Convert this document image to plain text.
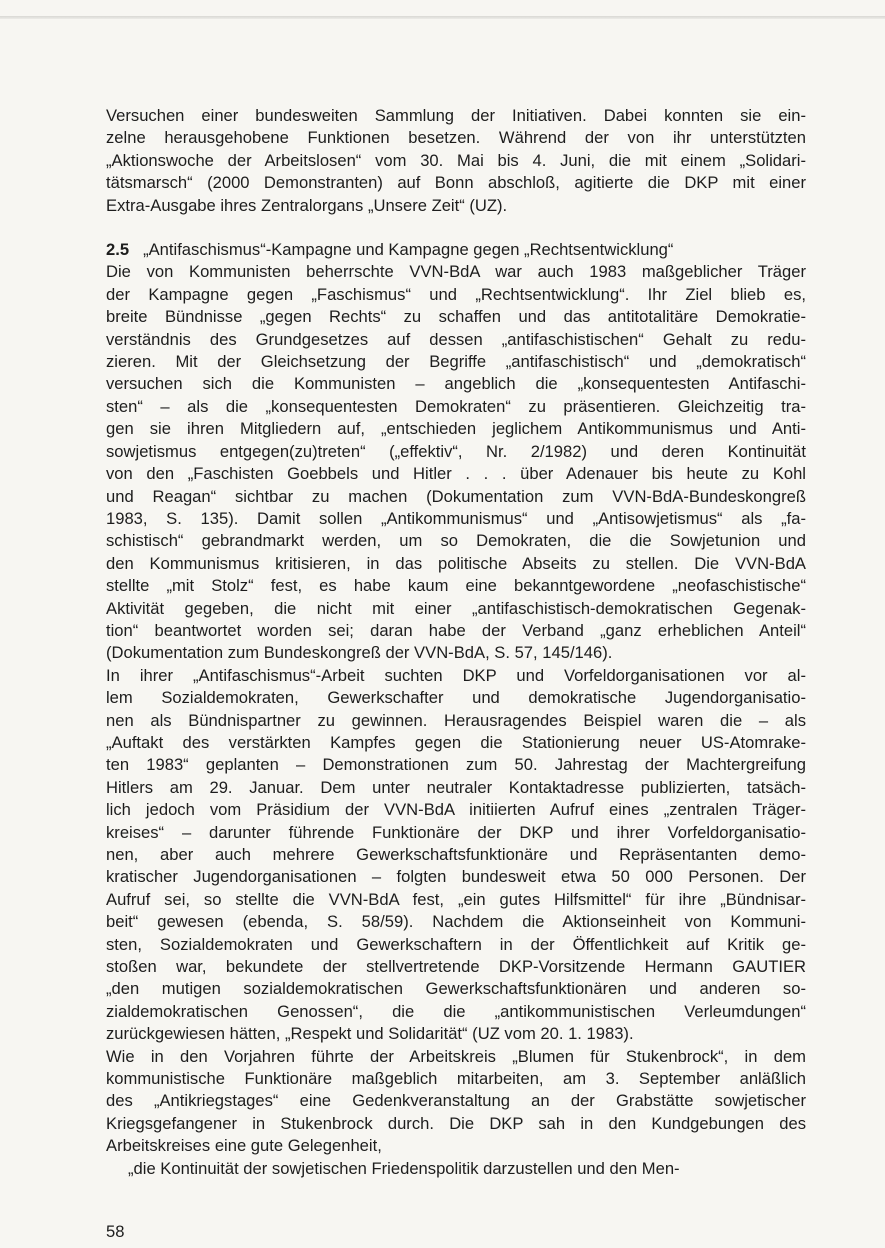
Versuchen einer bundesweiten Sammlung der Initiativen. Dabei konnten sie ein-
zelne herausgehobene Funktionen besetzen. Während der von ihr unterstützten
„Aktionswoche der Arbeitslosen“ vom 30. Mai bis 4. Juni, die mit einem „Solidari-
tätsmarsch“ (2000 Demonstranten) auf Bonn abschloß, agitierte die DKP mit einer
Extra-Ausgabe ihres Zentralorgans „Unsere Zeit“ (UZ).
2.5 „Antifaschismus“-Kampagne und Kampagne gegen „Rechtsentwicklung“
Die von Kommunisten beherrschte VVN-BdA war auch 1983 maßgeblicher Träger
der Kampagne gegen „Faschismus“ und „Rechtsentwicklung“. Ihr Ziel blieb es,
breite Bündnisse „gegen Rechts“ zu schaffen und das antitotalitäre Demokratie-
verständnis des Grundgesetzes auf dessen „antifaschistischen“ Gehalt zu redu-
zieren. Mit der Gleichsetzung der Begriffe „antifaschistisch“ und „demokratisch“
versuchen sich die Kommunisten – angeblich die „konsequentesten Antifaschi-
sten“ – als die „konsequentesten Demokraten“ zu präsentieren. Gleichzeitig tra-
gen sie ihren Mitgliedern auf, „entschieden jeglichem Antikommunismus und Anti-
sowjetismus entgegen(zu)treten“ („effektiv“, Nr. 2/1982) und deren Kontinuität
von den „Faschisten Goebbels und Hitler . . . über Adenauer bis heute zu Kohl
und Reagan“ sichtbar zu machen (Dokumentation zum VVN-BdA-Bundeskongreß
1983, S. 135). Damit sollen „Antikommunismus“ und „Antisowjetismus“ als „fa-
schistisch“ gebrandmarkt werden, um so Demokraten, die die Sowjetunion und
den Kommunismus kritisieren, in das politische Abseits zu stellen. Die VVN-BdA
stellte „mit Stolz“ fest, es habe kaum eine bekanntgewordene „neofaschistische“
Aktivität gegeben, die nicht mit einer „antifaschistisch-demokratischen Gegenak-
tion“ beantwortet worden sei; daran habe der Verband „ganz erheblichen Anteil“
(Dokumentation zum Bundeskongreß der VVN-BdA, S. 57, 145/146).
In ihrer „Antifaschismus“-Arbeit suchten DKP und Vorfeldorganisationen vor al-
lem Sozialdemokraten, Gewerkschafter und demokratische Jugendorganisatio-
nen als Bündnispartner zu gewinnen. Herausragendes Beispiel waren die – als
„Auftakt des verstärkten Kampfes gegen die Stationierung neuer US-Atomrake-
ten 1983“ geplanten – Demonstrationen zum 50. Jahrestag der Machtergreifung
Hitlers am 29. Januar. Dem unter neutraler Kontaktadresse publizierten, tatsäch-
lich jedoch vom Präsidium der VVN-BdA initiierten Aufruf eines „zentralen Träger-
kreises“ – darunter führende Funktionäre der DKP und ihrer Vorfeldorganisatio-
nen, aber auch mehrere Gewerkschaftsfunktionäre und Repräsentanten demo-
kratischer Jugendorganisationen – folgten bundesweit etwa 50 000 Personen. Der
Aufruf sei, so stellte die VVN-BdA fest, „ein gutes Hilfsmittel“ für ihre „Bündnisar-
beit“ gewesen (ebenda, S. 58/59). Nachdem die Aktionseinheit von Kommuni-
sten, Sozialdemokraten und Gewerkschaftern in der Öffentlichkeit auf Kritik ge-
stoßen war, bekundete der stellvertretende DKP-Vorsitzende Hermann GAUTIER
„den mutigen sozialdemokratischen Gewerkschaftsfunktionären und anderen so-
zialdemokratischen Genossen“, die die „antikommunistischen Verleumdungen“
zurückgewiesen hätten, „Respekt und Solidarität“ (UZ vom 20. 1. 1983).
Wie in den Vorjahren führte der Arbeitskreis „Blumen für Stukenbrock“, in dem
kommunistische Funktionäre maßgeblich mitarbeiten, am 3. September anläßlich
des „Antikriegstages“ eine Gedenkveranstaltung an der Grabstätte sowjetischer
Kriegsgefangener in Stukenbrock durch. Die DKP sah in den Kundgebungen des
Arbeitskreises eine gute Gelegenheit,
„die Kontinuität der sowjetischen Friedenspolitik darzustellen und den Men-
58
